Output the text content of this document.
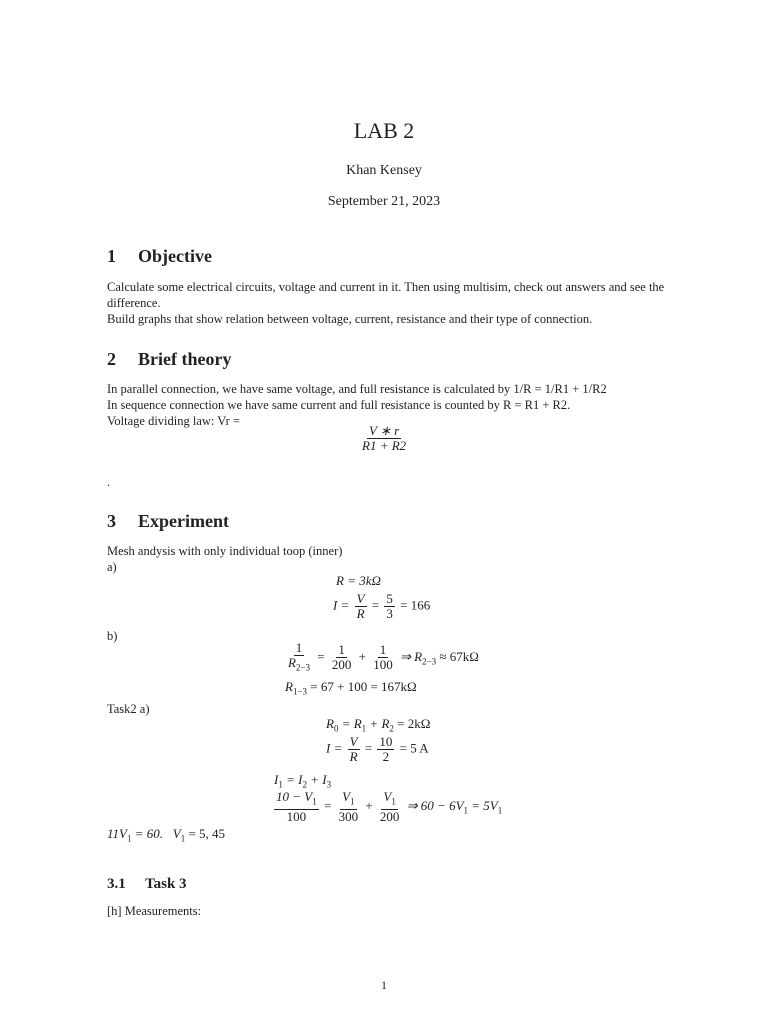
LAB 2
Khan Kensey
September 21, 2023
1 Objective
Calculate some electrical circuits, voltage and current in it. Then using multisim, check out answers and see the difference.
Build graphs that show relation between voltage, current, resistance and their type of connection.
2 Brief theory
In parallel connection, we have same voltage, and full resistance is calculated by 1/R = 1/R1 + 1/R2
In sequence connection we have same current and full resistance is counted by R = R1 + R2.
Voltage dividing law: Vr =
$\frac{V ∗ r}{R1 + R2}$
.
3 Experiment
Mesh andysis with only individual toop (inner)
a)
R = 3kΩ
$I = \frac{V}{R} = \frac{5}{3} = 166$
b)
$\frac{1}{R_{2-3}} = \frac{1}{200} + \frac{1}{100}$ ⇒ $R_{2-3} \approx 67k\Omega$
$R_{1-3} = 67 + 100 = 167k\Omega$
Task2 a)
$R_0 = R_1 + R_2 = 2k\Omega$
$I = \frac{V}{R} = \frac{10}{2} = 5$ A
$I_1 = I_2 + I_3$
$\frac{10 - V_1}{100} = \frac{V_1}{300} + \frac{V_1}{200}$ ⇒ $60 - 6V_1 = 5V_1$
$11V_1 = 60$.   $V_1 = 5$, 45
3.1 Task 3
[h] Measurements:
1
